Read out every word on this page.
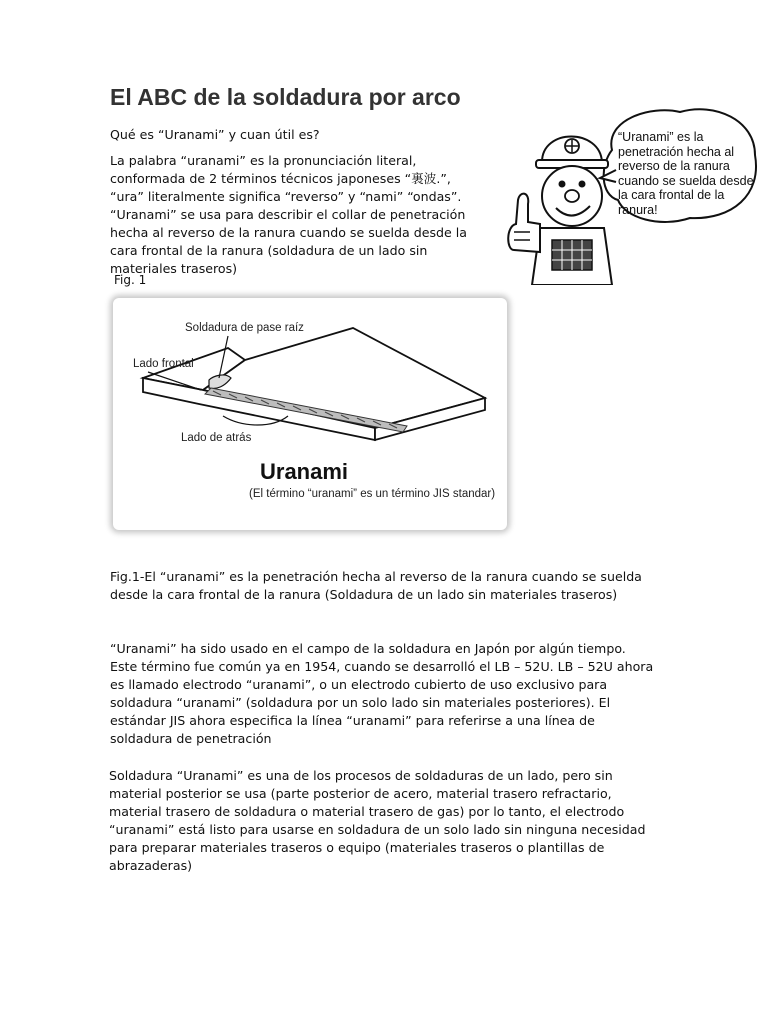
El ABC de la soldadura por arco
Qué es “Uranami” y cuan útil es?
La palabra “uranami” es la pronunciación literal, conformada de 2 términos técnicos japoneses “裏波.”, “ura” literalmente significa “reverso” y “nami” “ondas”. “Uranami” se usa para describir el collar de penetración hecha al reverso de la ranura cuando se suelda desde la cara frontal de la ranura (soldadura de un lado sin materiales traseros)
“Uranami” es la penetración hecha al reverso de la ranura cuando se suelda desde la cara frontal de la ranura!
Fig. 1
Soldadura de pase raíz
Lado frontal
Lado de atrás
Uranami
(El término “uranami” es un término JIS standar)
Fig.1-El “uranami” es la penetración hecha al reverso de la ranura cuando se suelda desde la cara frontal de la ranura (Soldadura de un lado sin materiales traseros)
“Uranami” ha sido usado en el campo de la soldadura en Japón por algún tiempo. Este término fue común ya en 1954, cuando se desarrolló el LB – 52U. LB – 52U ahora es llamado electrodo “uranami”, o un electrodo cubierto de uso exclusivo para soldadura “uranami” (soldadura por un solo lado sin materiales posteriores). El estándar JIS ahora especifica la línea “uranami” para referirse a una línea de soldadura de penetración
Soldadura “Uranami” es una de los procesos de soldaduras de un lado, pero sin material posterior se usa (parte posterior de acero, material trasero refractario, material trasero de soldadura o material trasero de gas) por lo tanto, el electrodo “uranami” está listo para usarse en soldadura de un solo lado sin ninguna necesidad para preparar materiales traseros o equipo (materiales traseros o plantillas de abrazaderas)
